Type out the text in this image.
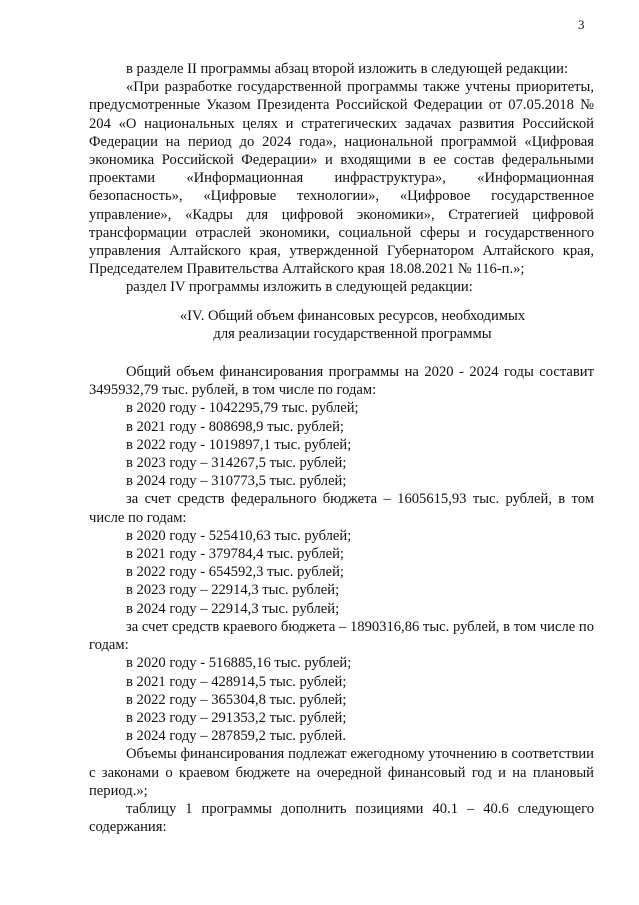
3

в разделе II программы абзац второй изложить в следующей редакции:

«При разработке государственной программы также учтены приоритеты, предусмотренные Указом Президента Российской Федерации от 07.05.2018 № 204 «О национальных целях и стратегических задачах развития Российской Федерации на период до 2024 года», национальной программой «Цифровая экономика Российской Федерации» и входящими в ее состав федеральными проектами «Информационная инфраструктура», «Информационная безопасность», «Цифровые технологии», «Цифровое государственное управление», «Кадры для цифровой экономики», Стратегией цифровой трансформации отраслей экономики, социальной сферы и государственного управления Алтайского края, утвержденной Губернатором Алтайского края, Председателем Правительства Алтайского края 18.08.2021 № 116-п.»;

раздел IV программы изложить в следующей редакции:

«IV. Общий объем финансовых ресурсов, необходимых

для реализации государственной программы

Общий объем финансирования программы на 2020 - 2024 годы составит 3495932,79 тыс. рублей, в том числе по годам:

в 2020 году - 1042295,79 тыс. рублей;

в 2021 году - 808698,9 тыс. рублей;

в 2022 году - 1019897,1 тыс. рублей;

в 2023 году – 314267,5 тыс. рублей;

в 2024 году – 310773,5 тыс. рублей;

за счет средств федерального бюджета – 1605615,93 тыс. рублей, в том числе по годам:

в 2020 году - 525410,63 тыс. рублей;

в 2021 году - 379784,4 тыс. рублей;

в 2022 году - 654592,3 тыс. рублей;

в 2023 году – 22914,3 тыс. рублей;

в 2024 году – 22914,3 тыс. рублей;

за счет средств краевого бюджета – 1890316,86 тыс. рублей, в том числе по годам:

в 2020 году - 516885,16 тыс. рублей;

в 2021 году – 428914,5 тыс. рублей;

в 2022 году – 365304,8 тыс. рублей;

в 2023 году – 291353,2 тыс. рублей;

в 2024 году – 287859,2 тыс. рублей.

Объемы финансирования подлежат ежегодному уточнению в соответствии с законами о краевом бюджете на очередной финансовый год и на плановый период.»;

таблицу 1 программы дополнить позициями 40.1 – 40.6 следующего содержания:
